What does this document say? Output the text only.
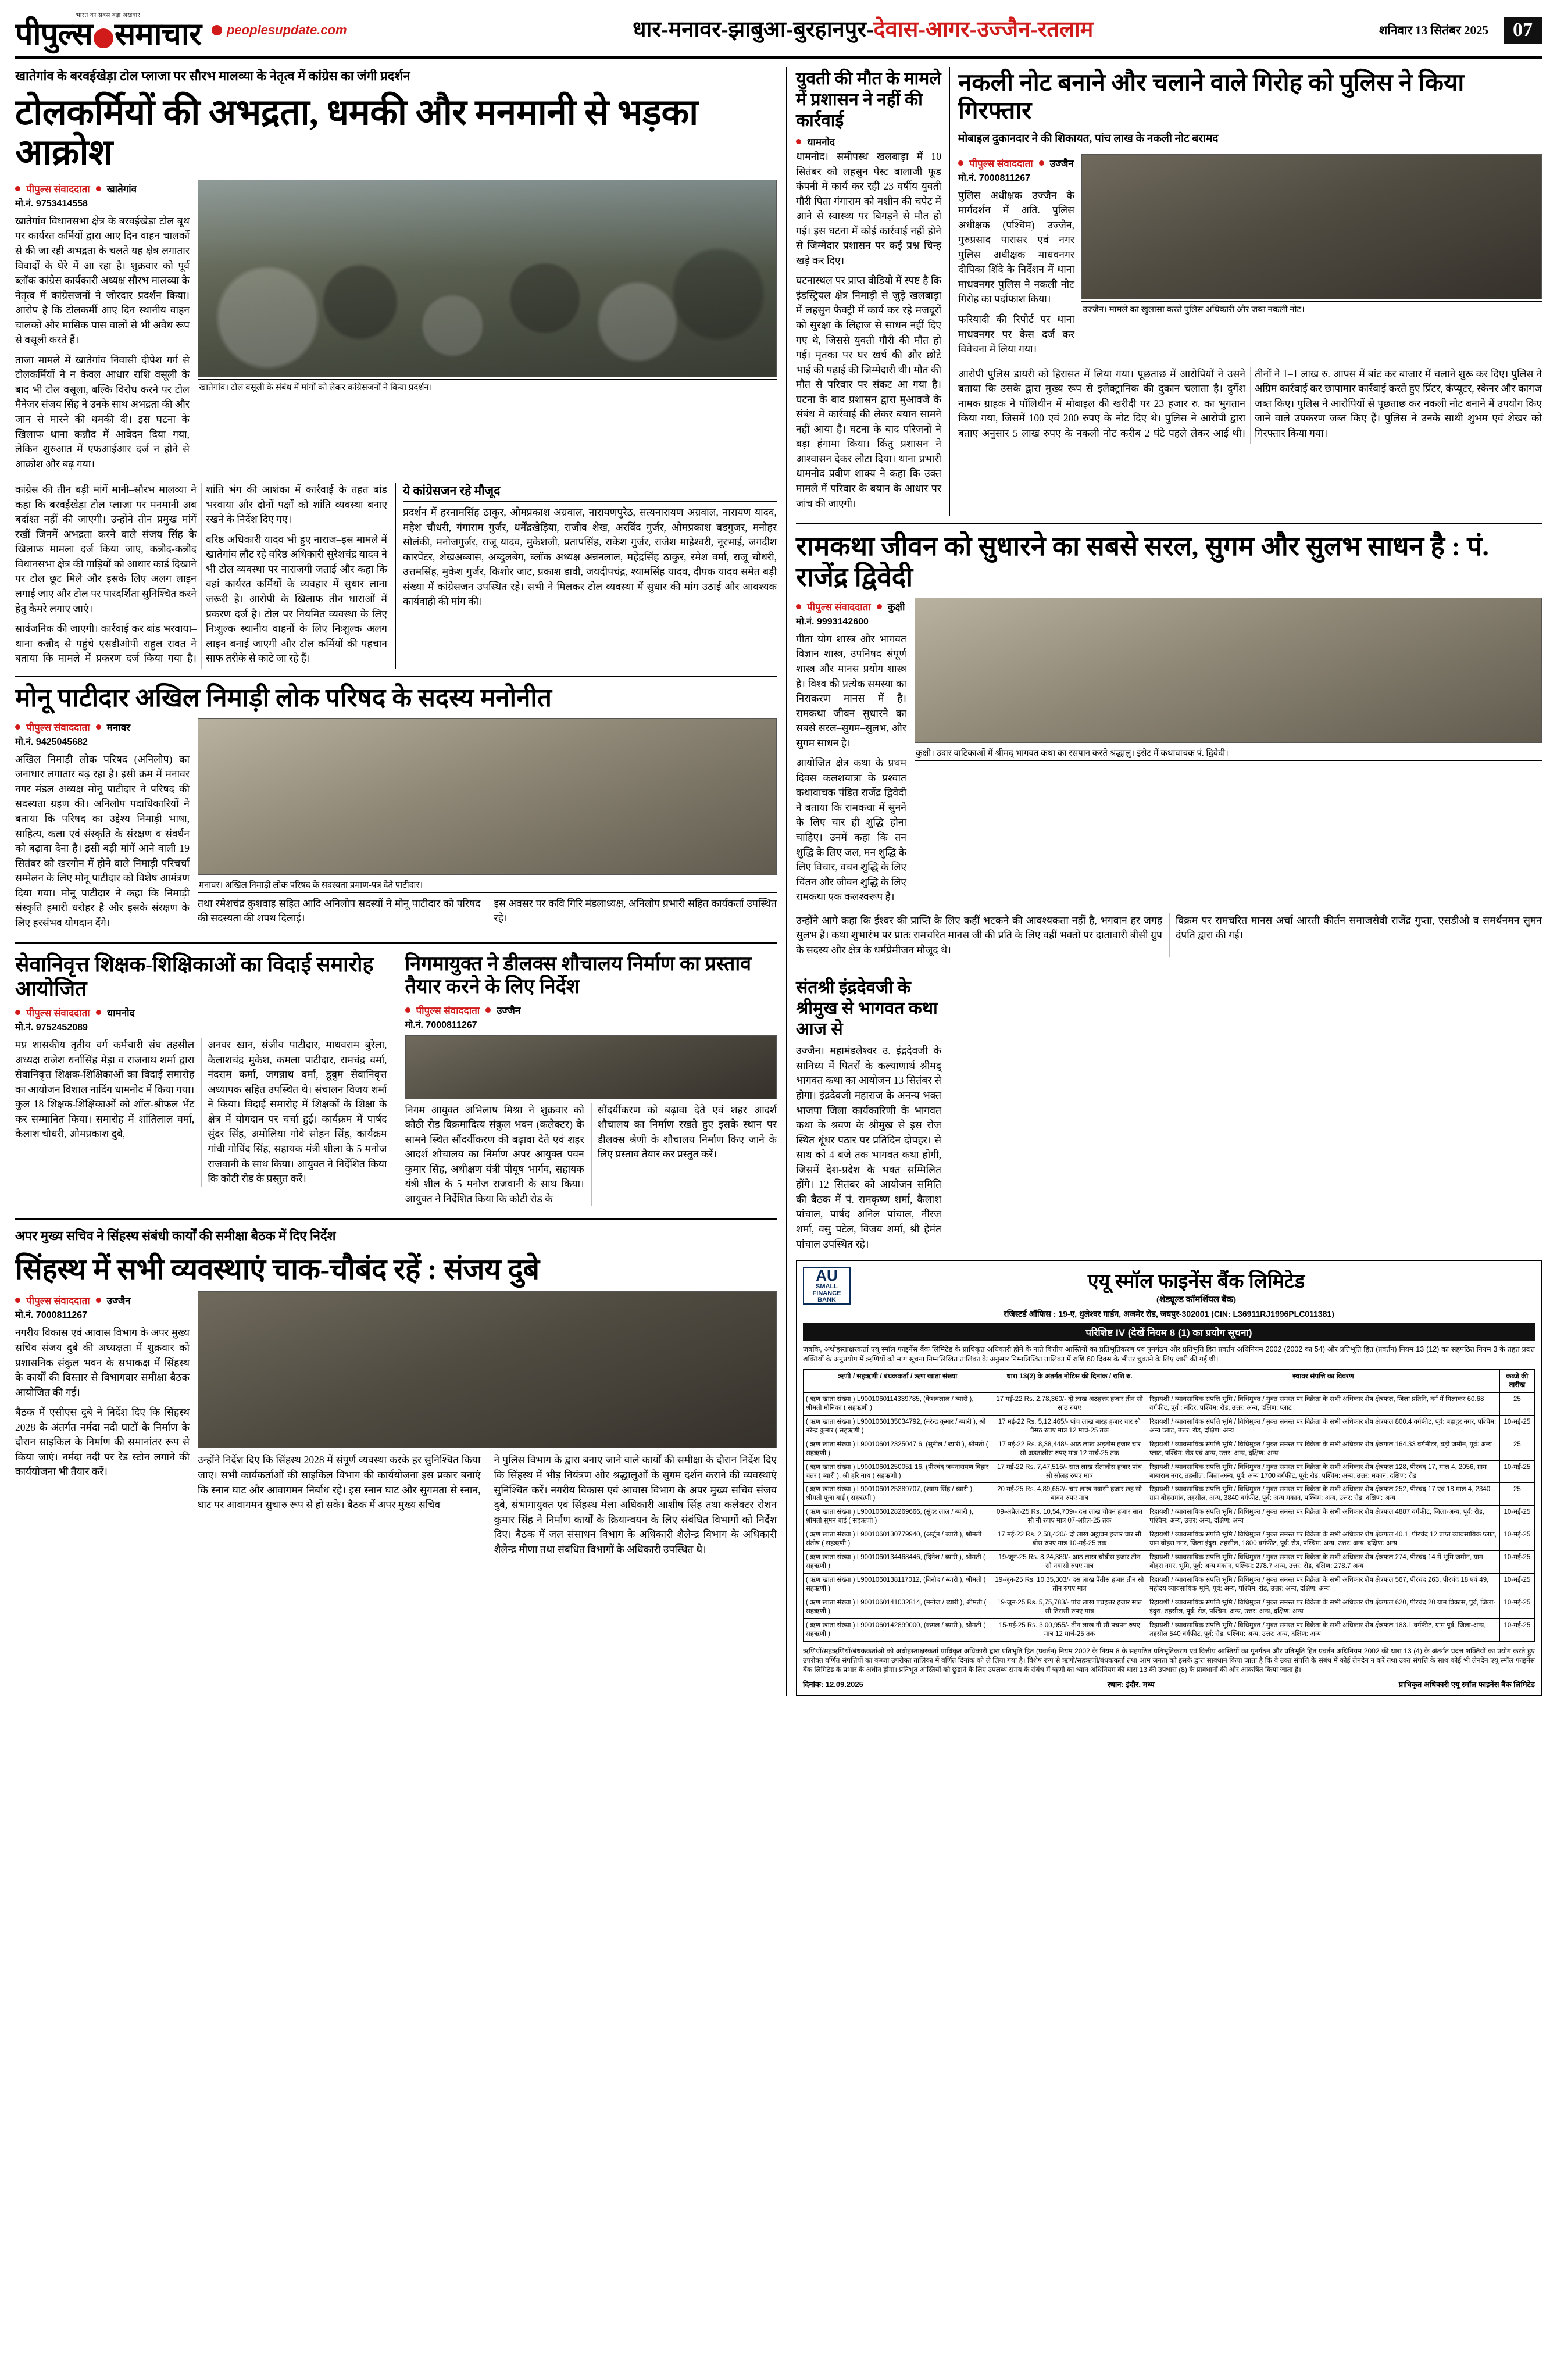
भारत का सबसे बड़ा अखबार
पीपुल्स समाचार peoplesupdate.com	धार-मनावर-झाबुआ-बुरहानपुर-देवास-आगर-उज्जैन-रतलाम	शनिवार 13 सितंबर 2025	07
खातेगांव के बरवईखेड़ा टोल प्लाजा पर सौरभ मालव्या के नेतृत्व में कांग्रेस का जंगी प्रदर्शन
टोलकर्मियों की अभद्रता, धमकी और मनमानी से भड़का आक्रोश
पीपुल्स संवाददाता खातेगांव
मो.नं. 9753414558

खातेगांव विधानसभा क्षेत्र के बरवईखेड़ा टोल बूथ पर कार्यरत कर्मियों द्वारा आए दिन वाहन चालकों से की जा रही अभद्रता के चलते यह क्षेत्र लगातार विवादों के घेरे में आ रहा है। शुक्रवार को पूर्व ब्लॉक कांग्रेस कार्यकारी अध्यक्ष सौरभ मालव्या के नेतृत्व में कांग्रेसजनों ने जोरदार प्रदर्शन किया। आरोप है कि टोलकर्मी आए दिन स्थानीय वाहन चालकों और मासिक पास वालों से भी अवैध रूप से वसूली करते हैं।

ताजा मामले में खातेगांव निवासी दीपेश गर्ग से टोलकर्मियों ने न केवल आधार राशि वसूली के बाद भी टोल वसूला, बल्कि विरोध करने पर टोल मैनेजर संजय सिंह ने उनके साथ अभद्रता की और जान से मारने की धमकी दी। इस घटना के खिलाफ थाना कन्नौद में आवेदन दिया गया, लेकिन शुरुआत में एफआईआर दर्ज न होने से आक्रोश और बढ़ गया।

खातेगांव। टोल वसूली के संबंध में मांगों को लेकर कांग्रेसजनों ने किया प्रदर्शन।

कांग्रेस की तीन बड़ी मांगें मानी–सौरभ मालव्या ने कहा कि बरवईखेड़ा टोल प्लाजा पर मनमानी अब बर्दाश्त नहीं की जाएगी। उन्होंने तीन प्रमुख मांगें रखीं जिनमें अभद्रता करने वाले संजय सिंह के खिलाफ मामला दर्ज किया जाए, कन्नौद-कन्नौद विधानसभा क्षेत्र की गाड़ियों को आधार कार्ड दिखाने पर टोल छूट मिले और इसके लिए अलग लाइन लगाई जाए और टोल पर पारदर्शिता सुनिश्चित करने हेतु कैमरे लगाए जाएं।

सार्वजनिक की जाएगी। कार्रवाई कर बांड भरवाया–थाना कन्नौद से पहुंचे एसडीओपी राहुल रावत ने बताया कि मामले में प्रकरण दर्ज किया गया है। शांति भंग की आशंका में कार्रवाई के तहत बांड भरवाया और दोनों पक्षों को शांति व्यवस्था बनाए रखने के निर्देश दिए गए।

वरिष्ठ अधिकारी यादव भी हुए नाराज–इस मामले में खातेगांव लौट रहे वरिष्ठ अधिकारी सुरेशचंद्र यादव ने भी टोल व्यवस्था पर नाराजगी जताई और कहा कि वहां कार्यरत कर्मियों के व्यवहार में सुधार लाना जरूरी है। आरोपी के खिलाफ तीन धाराओं में प्रकरण दर्ज है। टोल पर नियमित व्यवस्था के लिए निःशुल्क स्थानीय वाहनों के लिए निःशुल्क अलग लाइन बनाई जाएगी और टोल कर्मियों की पहचान साफ तरीके से काटे जा रहे हैं।

ये कांग्रेसजन रहे मौजूद

प्रदर्शन में हरनामसिंह ठाकुर, ओमप्रकाश अग्रवाल, नारायणपुरेठ, सत्यनारायण अग्रवाल, नारायण यादव, महेश चौधरी, गंगाराम गुर्जर, धर्मेंद्रखेड़िया, राजीव शेख, अरविंद गुर्जर, ओमप्रकाश बडगुजर, मनोहर सोलंकी, मनोजगुर्जर, राजू यादव, मुकेशजी, प्रतापसिंह, राकेश गुर्जर, राजेश माहेश्वरी, नूरभाई, जगदीश कारपेंटर, शेखअब्बास, अब्दुलबेग, ब्लॉक अध्यक्ष अन्ननलाल, महेंद्रसिंह ठाकुर, रमेश वर्मा, राजू चौधरी, उत्तमसिंह, मुकेश गुर्जर, किशोर जाट, प्रकाश डावी, जयदीपचंद्र, श्यामसिंह यादव, दीपक यादव समेत बड़ी संख्या में कांग्रेसजन उपस्थित रहे। सभी ने मिलकर टोल व्यवस्था में सुधार की मांग उठाई और आवश्यक कार्यवाही की मांग की।

मोनू पाटीदार अखिल निमाड़ी लोक परिषद के सदस्य मनोनीत
पीपुल्स संवाददाता मनावर
मो.नं. 9425045682

अखिल निमाड़ी लोक परिषद (अनिलोप) का जनाधार लगातार बढ़ रहा है। इसी क्रम में मनावर नगर मंडल अध्यक्ष मोनू पाटीदार ने परिषद की सदस्यता ग्रहण की। अनिलोप पदाधिकारियों ने बताया कि परिषद का उद्देश्य निमाड़ी भाषा, साहित्य, कला एवं संस्कृति के संरक्षण व संवर्धन को बढ़ावा देना है। इसी बड़ी मांगें आने वाली 19 सितंबर को खरगोन में होने वाले निमाड़ी परिचर्चा सम्मेलन के लिए मोनू पाटीदार को विशेष आमंत्रण दिया गया। मोनू पाटीदार ने कहा कि निमाड़ी संस्कृति हमारी धरोहर है और इसके संरक्षण के लिए हरसंभव योगदान देंगे।

मनावर। अखिल निमाड़ी लोक परिषद के सदस्यता प्रमाण-पत्र देते पाटीदार।

तथा रमेशचंद्र कुशवाह सहित आदि अनिलोप सदस्यों ने मोनू पाटीदार को परिषद की सदस्यता की शपथ दिलाई।

इस अवसर पर कवि गिरि मंडलाध्यक्ष, अनिलोप प्रभारी सहित कार्यकर्ता उपस्थित रहे।

सेवानिवृत्त शिक्षक-शिक्षिकाओं का विदाई समारोह आयोजित
पीपुल्स संवाददाता धामनोद
मो.नं. 9752452089

मप्र शासकीय तृतीय वर्ग कर्मचारी संघ तहसील अध्यक्ष राजेश धर्नासिंह मेड़ा व राजनाथ शर्मा द्वारा सेवानिवृत्त शिक्षक-शिक्षिकाओं का विदाई समारोह का आयोजन विशाल नादिंग धामनोद में किया गया। कुल 18 शिक्षक-शिक्षिकाओं को शॉल-श्रीफल भेंट कर सम्मानित किया। समारोह में शांतिलाल वर्मा, कैलाश चौधरी, ओमप्रकाश दुबे,

अनवर खान, संजीव पाटीदार, माधवराम बुरेला, कैलाशचंद्र मुकेश, कमला पाटीदार, रामचंद्र वर्मा, नंदराम कर्मा, जगन्नाथ वर्मा, डूबुम सेवानिवृत्त अध्यापक सहित उपस्थित थे। संचालन विजय शर्मा ने किया। विदाई समारोह में शिक्षकों के शिक्षा के क्षेत्र में योगदान पर चर्चा हुई। कार्यक्रम में पार्षद सुंदर सिंह, अमोलिया गोवे सोहन सिंह, कार्यक्रम गांधी गोविंद सिंह, सहायक मंत्री शीला के 5 मनोज राजवानी के साथ किया। आयुक्त ने निर्देशित किया कि कोटी रोड के प्रस्तुत करें।

निगमायुक्त ने डीलक्स शौचालय निर्माण का प्रस्ताव तैयार करने के लिए निर्देश
पीपुल्स संवाददाता उज्जैन
मो.नं. 7000811267

निगम आयुक्त अभिलाष मिश्रा ने शुक्रवार को कोठी रोड विक्रमादित्य संकुल भवन (कलेक्टर) के सामने स्थित सौंदर्यीकरण की बढ़ावा देते एवं शहर आदर्श शौचालय का निर्माण अपर आयुक्त पवन कुमार सिंह, अधीक्षण यंत्री पीयूष भार्गव, सहायक यंत्री शील के 5 मनोज राजवानी के साथ किया। आयुक्त ने निर्देशित किया कि कोटी रोड के

सौंदर्यीकरण को बढ़ावा देते एवं शहर आदर्श शौचालय का निर्माण रखते हुए इसके स्थान पर डीलक्स श्रेणी के शौचालय निर्माण किए जाने के लिए प्रस्ताव तैयार कर प्रस्तुत करें।

अपर मुख्य सचिव ने सिंहस्थ संबंधी कार्यों की समीक्षा बैठक में दिए निर्देश
सिंहस्थ में सभी व्यवस्थाएं चाक-चौबंद रहें : संजय दुबे
पीपुल्स संवाददाता उज्जैन
मो.नं. 7000811267

नगरीय विकास एवं आवास विभाग के अपर मुख्य सचिव संजय दुबे की अध्यक्षता में शुक्रवार को प्रशासनिक संकुल भवन के सभाकक्ष में सिंहस्थ के कार्यों की विस्तार से विभागवार समीक्षा बैठक आयोजित की गई।

बैठक में एसीएस दुबे ने निर्देश दिए कि सिंहस्थ 2028 के अंतर्गत नर्मदा नदी घाटों के निर्माण के दौरान साइकिल के निर्माण की समानांतर रूप से किया जाएं। नर्मदा नदी पर रेड स्टोन लगाने की कार्ययोजना भी तैयार करें।

उन्होंने निर्देश दिए कि सिंहस्थ 2028 में संपूर्ण व्यवस्था करके हर सुनिश्चित किया जाए। सभी कार्यकर्ताओं की साइकिल विभाग की कार्ययोजना इस प्रकार बनाएं कि स्नान घाट और आवागमन निर्बाध रहे। इस स्नान घाट और सुगमता से स्नान, घाट पर आवागमन सुचारु रूप से हो सके। बैठक में अपर मुख्य सचिव

ने पुलिस विभाग के द्वारा बनाए जाने वाले कार्यों की समीक्षा के दौरान निर्देश दिए कि सिंहस्थ में भीड़ नियंत्रण और श्रद्धालुओं के सुगम दर्शन कराने की व्यवस्थाएं सुनिश्चित करें। नगरीय विकास एवं आवास विभाग के अपर मुख्य सचिव संजय दुबे, संभागायुक्त एवं सिंहस्थ मेला अधिकारी आशीष सिंह तथा कलेक्टर रोशन कुमार सिंह ने निर्माण कार्यों के क्रियान्वयन के लिए संबंधित विभागों को निर्देश दिए। बैठक में जल संसाधन विभाग के अधिकारी शैलेन्द्र विभाग के अधिकारी शैलेन्द्र मीणा तथा संबंधित विभागों के अधिकारी उपस्थित थे।

युवती की मौत के मामले में प्रशासन ने नहीं की कार्रवाई
धामनोद

धामनोद। समीपस्थ खलबाड़ा में 10 सितंबर को लहसुन पेस्ट बालाजी फूड कंपनी में कार्य कर रही 23 वर्षीय युवती गौरी पिता गंगाराम को मशीन की चपेट में आने से स्वास्थ्य पर बिगड़ने से मौत हो गई। इस घटना में कोई कार्रवाई नहीं होने से जिम्मेदार प्रशासन पर कई प्रश्न चिन्ह खड़े कर दिए।

घटनास्थल पर प्राप्त वीडियो में स्पष्ट है कि इंडस्ट्रियल क्षेत्र निमाड़ी से जुड़े खलबाड़ा में लहसुन फैक्ट्री में कार्य कर रहे मजदूरों को सुरक्षा के लिहाज से साधन नहीं दिए गए थे, जिससे युवती गौरी की मौत हो गई। मृतका पर घर खर्च की और छोटे भाई की पढ़ाई की जिम्मेदारी थी। मौत की मौत से परिवार पर संकट आ गया है। घटना के बाद प्रशासन द्वारा मुआवजे के संबंध में कार्रवाई की लेकर बयान सामने नहीं आया है। घटना के बाद परिजनों ने बड़ा हंगामा किया। किंतु प्रशासन ने आश्वासन देकर लौटा दिया। थाना प्रभारी धामनोद प्रवीण शाक्य ने कहा कि उक्त मामले में परिवार के बयान के आधार पर जांच की जाएगी।

नकली नोट बनाने और चलाने वाले गिरोह को पुलिस ने किया गिरफ्तार
मोबाइल दुकानदार ने की शिकायत, पांच लाख के नकली नोट बरामद
पीपुल्स संवाददाता उज्जैन
मो.नं. 7000811267

पुलिस अधीक्षक उज्जैन के मार्गदर्शन में अति. पुलिस अधीक्षक (पश्चिम) उज्जैन, गुरुप्रसाद पारासर एवं नगर पुलिस अधीक्षक माधवनगर दीपिका शिंदे के निर्देशन में थाना माधवनगर पुलिस ने नकली नोट गिरोह का पर्दाफाश किया।

फरियादी की रिपोर्ट पर थाना माधवनगर पर केस दर्ज कर विवेचना में लिया गया।

उज्जैन। मामले का खुलासा करते पुलिस अधिकारी और जब्त नकली नोट।

आरोपी पुलिस डायरी को हिरासत में लिया गया। पूछताछ में आरोपियों ने उसने बताया कि उसके द्वारा मुख्य रूप से इलेक्ट्रानिक की दुकान चलाता है। दुर्गेश नामक ग्राहक ने पॉलिथीन में मोबाइल की खरीदी पर 23 हजार रु. का भुगतान किया गया, जिसमें 100 एवं 200 रुपए के नोट दिए थे। पुलिस ने आरोपी द्वारा बताए अनुसार 5 लाख रुपए के नकली नोट करीब 2 घंटे पहले लेकर आई थी। तीनों ने 1–1 लाख रु. आपस में बांट कर बाजार में चलाने शुरू कर दिए। पुलिस ने अग्रिम कार्रवाई कर छापामार कार्रवाई करते हुए प्रिंटर, कंप्यूटर, स्केनर और कागज जब्त किए। पुलिस ने आरोपियों से पूछताछ कर नकली नोट बनाने में उपयोग किए जाने वाले उपकरण जब्त किए हैं। पुलिस ने उनके साथी शुभम एवं शेखर को गिरफ्तार किया गया।

रामकथा जीवन को सुधारने का सबसे सरल, सुगम और सुलभ साधन है : पं. राजेंद्र द्विवेदी
पीपुल्स संवाददाता कुक्षी
मो.नं. 9993142600

गीता योग शास्त्र और भागवत विज्ञान शास्त्र, उपनिषद संपूर्ण शास्त्र और मानस प्रयोग शास्त्र है। विश्व की प्रत्येक समस्या का निराकरण मानस में है। रामकथा जीवन सुधारने का सबसे सरल–सुगम–सुलभ, और सुगम साधन है।

आयोजित क्षेत्र कथा के प्रथम दिवस कलशयात्रा के प्रश्वात कथावाचक पंडित राजेंद्र द्विवेदी ने बताया कि रामकथा में सुनने के लिए चार ही शुद्धि होना चाहिए। उनमें कहा कि तन शुद्धि के लिए जल, मन शुद्धि के लिए विचार, वचन शुद्धि के लिए चिंतन और जीवन शुद्धि के लिए रामकथा एक कलश्वरूप है।

कुक्षी। उदार वाटिकाओं में श्रीमद् भागवत कथा का रसपान करते श्रद्धालु। इंसेट में कथावाचक पं. द्विवेदी।

उन्होंने आगे कहा कि ईश्वर की प्राप्ति के लिए कहीं भटकने की आवश्यकता नहीं है, भगवान हर जगह सुलभ हैं। कथा शुभारंभ पर प्रातः रामचरित मानस जी की प्रति के लिए वहीं भक्तों पर दातावारी बीसी ग्रुप के सदस्य और क्षेत्र के धर्मप्रेमीजन मौजूद थे।

विक्रम पर रामचरित मानस अर्चा आरती कीर्तन समाजसेवी राजेंद्र गुप्ता, एसडीओ व समर्थनमन सुमन दंपति द्वारा की गई।

संतश्री इंद्रदेवजी के श्रीमुख से भागवत कथा आज से

उज्जैन। महामंडलेश्वर उ. इंद्रदेवजी के सानिध्य में पितरों के कल्याणार्थ श्रीमद् भागवत कथा का आयोजन 13 सितंबर से होगा। इंद्रदेवजी महाराज के अनन्य भक्त भाजपा जिला कार्यकारिणी के भागवत कथा के श्रवण के श्रीमुख से इस रोज स्थित धूंधर पठार पर प्रतिदिन दोपहर। से साथ को 4 बजे तक भागवत कथा होगी, जिसमें देश-प्रदेश के भक्त सम्मिलित होंगे। 12 सितंबर को आयोजन समिति की बैठक में पं. रामकृष्ण शर्मा, कैलाश पांचाल, पार्षद अनिल पांचाल, नीरज शर्मा, वसु पटेल, विजय शर्मा, श्री हेमंत पांचाल उपस्थित रहे।

AU
SMALL FINANCE BANK
एयू स्मॉल फाइनेंस बैंक लिमिटेड
(शेड्यूल्ड कॉमर्शियल बैंक)
रजिस्टर्ड ऑफिस : 19-ए, धुलेश्वर गार्डन, अजमेर रोड, जयपुर-302001 (CIN: L36911RJ1996PLC011381)
परिशिष्ट IV (देखें नियम 8 (1) का प्रयोग सूचना)
जबकि, अधोहस्ताक्षरकर्ता एयू स्मॉल फाइनेंस बैंक लिमिटेड के प्राधिकृत अधिकारी होने के नाते वित्तीय आस्तियों का प्रतिभूतिकरण एवं पुनर्गठन और प्रतिभूति हित प्रवर्तन अधिनियम 2002 (2002 का 54) और प्रतिभूति हित (प्रवर्तन) नियम 13 (12) का सहपठित नियम 3 के तहत प्रदत्त शक्तियों के अनुप्रयोग में ऋणियों को मांग सूचना निम्नलिखित तालिका के अनुसार निम्नलिखित तालिका में राशि 60 दिवस के भीतर चुकाने के लिए जारी की गई थी।
ऋणी / सहऋणी / बंधककर्ता / ऋण खाता संख्या	धारा 13(2) के अंतर्गत नोटिस की दिनांक / राशि रु.	स्थावर संपत्ति का विवरण	कब्जे की तारीख
( ऋण खाता संख्या ) L9001060114339785, (केशवलाल / ब्यारी ), श्रीमती मोनिका ( सहऋणी )	17 मई-22 Rs. 2,78,360/- दो लाख अठहत्तर हजार तीन सौ साठ रुपए	रिहायशी / व्यावसायिक संपत्ति भूमि / विधिमुक्त / मुक्त समस्त पर विक्रेता के सभी अधिकार शेष क्षेत्रफल, जिला प्रतिनि, वर्ग में मिलाकर 60.68 वर्गफीट, पूर्व : मंदिर, पश्चिम: रोड, उत्तर: अन्य, दक्षिण: प्लाट	25
( ऋण खाता संख्या ) L9001060135034792, (नरेन्द्र कुमार / ब्यारी ), श्री नरेन्द्र कुमार ( सहऋणी )	17 मई-22 Rs. 5,12,465/- पांच लाख बारह हजार चार सौ पैंसठ रुपए मात्र 12 मार्च-25 तक	रिहायशी / व्यावसायिक संपत्ति भूमि / विधिमुक्त / मुक्त समस्त पर विक्रेता के सभी अधिकार शेष क्षेत्रफल 800.4 वर्गफीट, पूर्व: बहादुर नगर, पश्चिम: अन्य प्लाट, उत्तर: रोड, दक्षिण: अन्य	10-मई-25
( ऋण खाता संख्या ) L900106012325047 6, (सुनील / ब्यारी ), श्रीमती ( सहऋणी )	17 मई-22 Rs. 8,38,448/- आठ लाख अड़तीस हजार चार सौ अड़तालीस रुपए मात्र 12 मार्च-25 तक	रिहायशी / व्यावसायिक संपत्ति भूमि / विधिमुक्त / मुक्त समस्त पर विक्रेता के सभी अधिकार शेष क्षेत्रफल 164.33 वर्गमीटर, बड़ी जमीन, पूर्व: अन्य प्लाट, पश्चिम: रोड एवं अन्य, उत्तर: अन्य, दक्षिण: अन्य	25
( ऋण खाता संख्या ) L90010601250051 16, (पीरचंद जयनारायण विहार चतर ( ब्यारी ), श्री हरि नाथ ( सहऋणी )	17 मई-22 Rs. 7,47,516/- सात लाख सैंतालीस हजार पांच सौ सोलह रुपए मात्र	रिहायशी / व्यावसायिक संपत्ति भूमि / विधिमुक्त / मुक्त समस्त पर विक्रेता के सभी अधिकार शेष क्षेत्रफल 128, पीरचंद 17, माल 4, 2056, ग्राम बाबाराम नगर, तहसील, जिला-अन्य, पूर्व: अन्य 1700 वर्गफीट, पूर्व: रोड, पश्चिम: अन्य, उत्तर: मकान, दक्षिण: रोड	10-मई-25
( ऋण खाता संख्या ) L9001060125389707, (श्याम सिंह / ब्यारी ), श्रीमती पूजा बाई ( सहऋणी )	20 मई-25 Rs. 4,89,652/- चार लाख नवासी हजार छह सौ बावन रुपए मात्र	रिहायशी / व्यावसायिक संपत्ति भूमि / विधिमुक्त / मुक्त समस्त पर विक्रेता के सभी अधिकार शेष क्षेत्रफल 252, पीरचंद 17 एवं 18 माल 4, 2340 ग्राम बोहरागांव, तहसील, अन्य, 3840 वर्गफीट, पूर्व: अन्य मकान, पश्चिम: अन्य, उत्तर: रोड, दक्षिण: अन्य	25
( ऋण खाता संख्या ) L9001060128269666, (सुंदर लाल / ब्यारी ), श्रीमती सुमन बाई ( सहऋणी )	09-अप्रैल-25 Rs. 10,54,709/- दस लाख चौवन हजार सात सौ नौ रुपए मात्र 07-अप्रैल-25 तक	रिहायशी / व्यावसायिक संपत्ति भूमि / विधिमुक्त / मुक्त समस्त पर विक्रेता के सभी अधिकार शेष क्षेत्रफल 4887 वर्गफीट, जिला-अन्य, पूर्व: रोड, पश्चिम: अन्य, उत्तर: अन्य, दक्षिण: अन्य	10-मई-25
( ऋण खाता संख्या ) L9001060130779940, (अर्जुन / ब्यारी ), श्रीमती संतोष ( सहऋणी )	17 मई-22 Rs. 2,58,420/- दो लाख अट्ठावन हजार चार सौ बीस रुपए मात्र 10-मई-25 तक	रिहायशी / व्यावसायिक संपत्ति भूमि / विधिमुक्त / मुक्त समस्त पर विक्रेता के सभी अधिकार शेष क्षेत्रफल 40.1, पीरचंद 12 प्राप्त व्यावसायिक प्लाट, ग्राम बोहरा नगर, जिला इंदुरा, तहसील, 1800 वर्गफीट, पूर्व: रोड, पश्चिम: अन्य, उत्तर: अन्य, दक्षिण: अन्य	10-मई-25
( ऋण खाता संख्या ) L9001060134468446, (दिनेश / ब्यारी ), श्रीमती ( सहऋणी )	19-जून-25 Rs. 8,24,389/- आठ लाख चौबीस हजार तीन सौ नवासी रुपए मात्र	रिहायशी / व्यावसायिक संपत्ति भूमि / विधिमुक्त / मुक्त समस्त पर विक्रेता के सभी अधिकार शेष क्षेत्रफल 274, पीरचंद 14 में भूमि जमीन, ग्राम बोहरा नगर, भूमि, पूर्व: अन्य मकान, पश्चिम: 278.7 अन्य, उत्तर: रोड, दक्षिण: 278.7 अन्य	10-मई-25
( ऋण खाता संख्या ) L9001060138117012, (विनोद / ब्यारी ), श्रीमती ( सहऋणी )	19-जून-25 Rs. 10,35,303/- दस लाख पैंतीस हजार तीन सौ तीन रुपए मात्र	रिहायशी / व्यावसायिक संपत्ति भूमि / विधिमुक्त / मुक्त समस्त पर विक्रेता के सभी अधिकार शेष क्षेत्रफल 567, पीरचंद 263, पीरचंद 18 एवं 49, महोदय व्यावसायिक भूमि, पूर्व: अन्य, पश्चिम: रोड, उत्तर: अन्य, दक्षिण: अन्य	10-मई-25
( ऋण खाता संख्या ) L9001060141032814, (मनोज / ब्यारी ), श्रीमती ( सहऋणी )	19-जून-25 Rs. 5,75,783/- पांच लाख पचहत्तर हजार सात सौ तिरासी रुपए मात्र	रिहायशी / व्यावसायिक संपत्ति भूमि / विधिमुक्त / मुक्त समस्त पर विक्रेता के सभी अधिकार शेष क्षेत्रफल 620, पीरचंद 20 ग्राम विकास, पूर्व, जिला-इंदुरा, तहसील, पूर्व: रोड, पश्चिम: अन्य, उत्तर: अन्य, दक्षिण: अन्य	10-मई-25
( ऋण खाता संख्या ) L9001060142899000, (कमल / ब्यारी ), श्रीमती ( सहऋणी )	15-मई-25 Rs. 3,00,955/- तीन लाख नौ सौ पचपन रुपए मात्र 12 मार्च-25 तक	रिहायशी / व्यावसायिक संपत्ति भूमि / विधिमुक्त / मुक्त समस्त पर विक्रेता के सभी अधिकार शेष क्षेत्रफल 183.1 वर्गफीट, ग्राम पूर्व, जिला-अन्य, तहसील 540 वर्गफीट, पूर्व: रोड, पश्चिम: अन्य, उत्तर: अन्य, दक्षिण: अन्य	10-मई-25
ऋणियों/सहऋणियों/बंधककर्ताओं को अधोहस्ताक्षरकर्ता प्राधिकृत अधिकारी द्वारा प्रतिभूति हित (प्रवर्तन) नियम 2002 के नियम 8 के सहपठित प्रतिभूतिकरण एवं वित्तीय आस्तियों का पुनर्गठन और प्रतिभूति हित प्रवर्तन अधिनियम 2002 की धारा 13 (4) के अंतर्गत प्रदत्त शक्तियों का प्रयोग करते हुए उपरोक्त वर्णित संपत्तियों का कब्जा उपरोक्त तालिका में वर्णित दिनांक को ले लिया गया है। विशेष रूप से ऋणी/सहऋणी/बंधककर्ता तथा आम जनता को इसके द्वारा सावधान किया जाता है कि वे उक्त संपत्ति के संबंध में कोई लेनदेन न करें तथा उक्त संपत्ति के साथ कोई भी लेनदेन एयू स्मॉल फाइनेंस बैंक लिमिटेड के प्रभार के अधीन होगा। प्रतिभूत आस्तियों को छुड़ाने के लिए उपलब्ध समय के संबंध में ऋणी का ध्यान अधिनियम की धारा 13 की उपधारा (8) के प्रावधानों की ओर आकर्षित किया जाता है।
दिनांक: 12.09.2025	स्थान: इंदौर, मध्य	प्राधिकृत अधिकारी एयू स्मॉल फाइनेंस बैंक लिमिटेड
